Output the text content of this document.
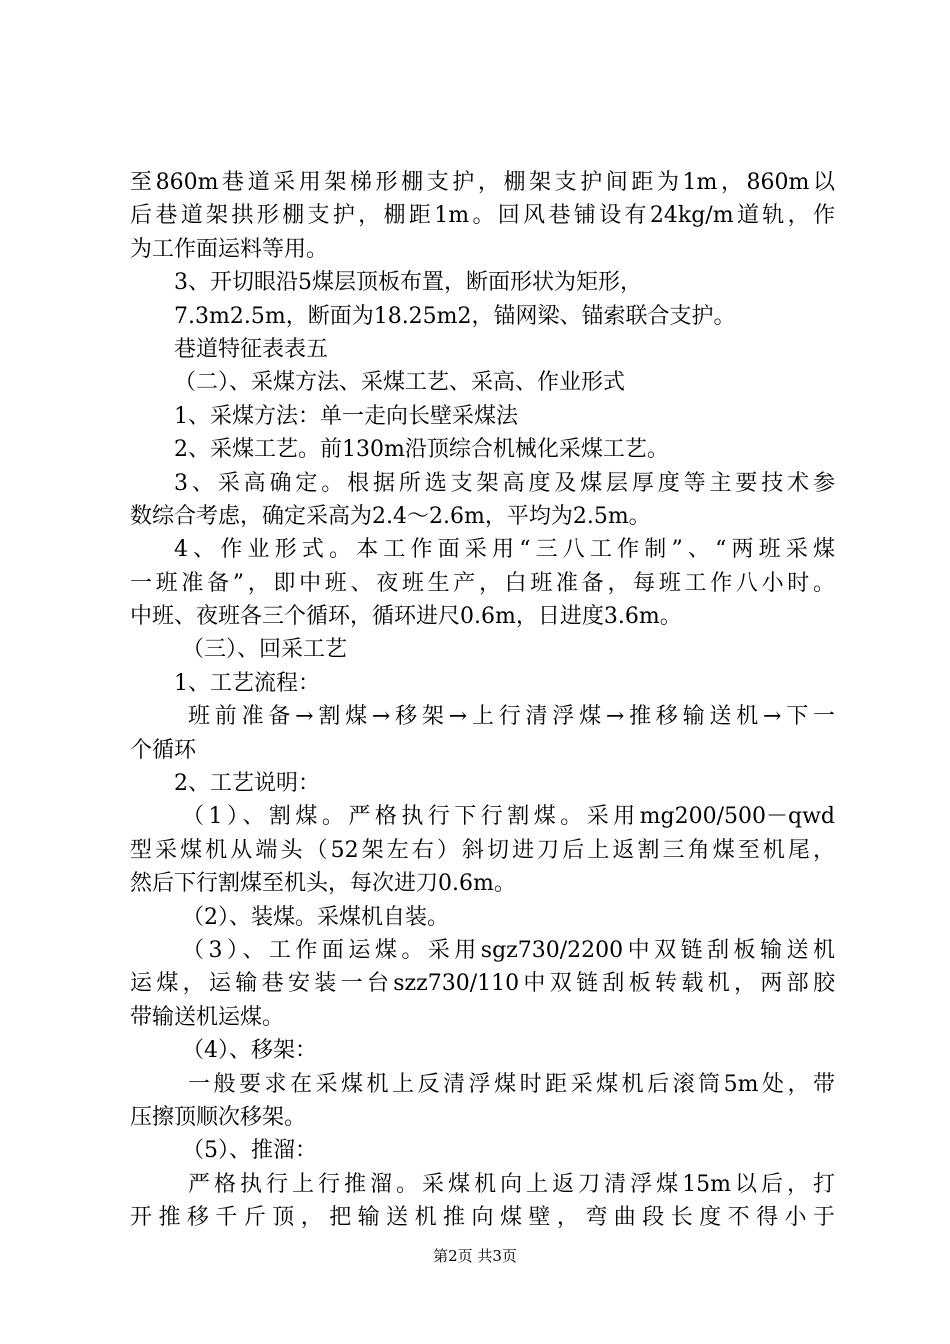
至860m巷道采用架梯形棚支护，棚架支护间距为1m，860m以
后巷道架拱形棚支护，棚距1m。回风巷铺设有24kg/m道轨，作
为工作面运料等用。
3、开切眼沿5煤层顶板布置，断面形状为矩形，
7.3m2.5m，断面为18.25m2，锚网梁、锚索联合支护。
巷道特征表表五
（二）、采煤方法、采煤工艺、采高、作业形式
1、采煤方法：单一走向长壁采煤法
2、采煤工艺。前130m沿顶综合机械化采煤工艺。
3、采高确定。根据所选支架高度及煤层厚度等主要技术参
数综合考虑，确定采高为2.4～2.6m，平均为2.5m。
4、作业形式。本工作面采用“三八工作制”、“两班采煤
一班准备”，即中班、夜班生产，白班准备，每班工作八小时。
中班、夜班各三个循环，循环进尺0.6m，日进度3.6m。
（三）、回采工艺
1、工艺流程：
班前准备→割煤→移架→上行清浮煤→推移输送机→下一
个循环
2、工艺说明：
（1）、割煤。严格执行下行割煤。采用mg200/500－qwd
型采煤机从端头（52架左右）斜切进刀后上返割三角煤至机尾，
然后下行割煤至机头，每次进刀0.6m。
（2）、装煤。采煤机自装。
（3）、工作面运煤。采用sgz730/2200中双链刮板输送机
运煤，运输巷安装一台szz730/110中双链刮板转载机，两部胶
带输送机运煤。
（4）、移架：
一般要求在采煤机上反清浮煤时距采煤机后滚筒5m处，带
压擦顶顺次移架。
（5）、推溜：
严格执行上行推溜。采煤机向上返刀清浮煤15m以后，打
开推移千斤顶，把输送机推向煤壁，弯曲段长度不得小于
第2页 共3页
